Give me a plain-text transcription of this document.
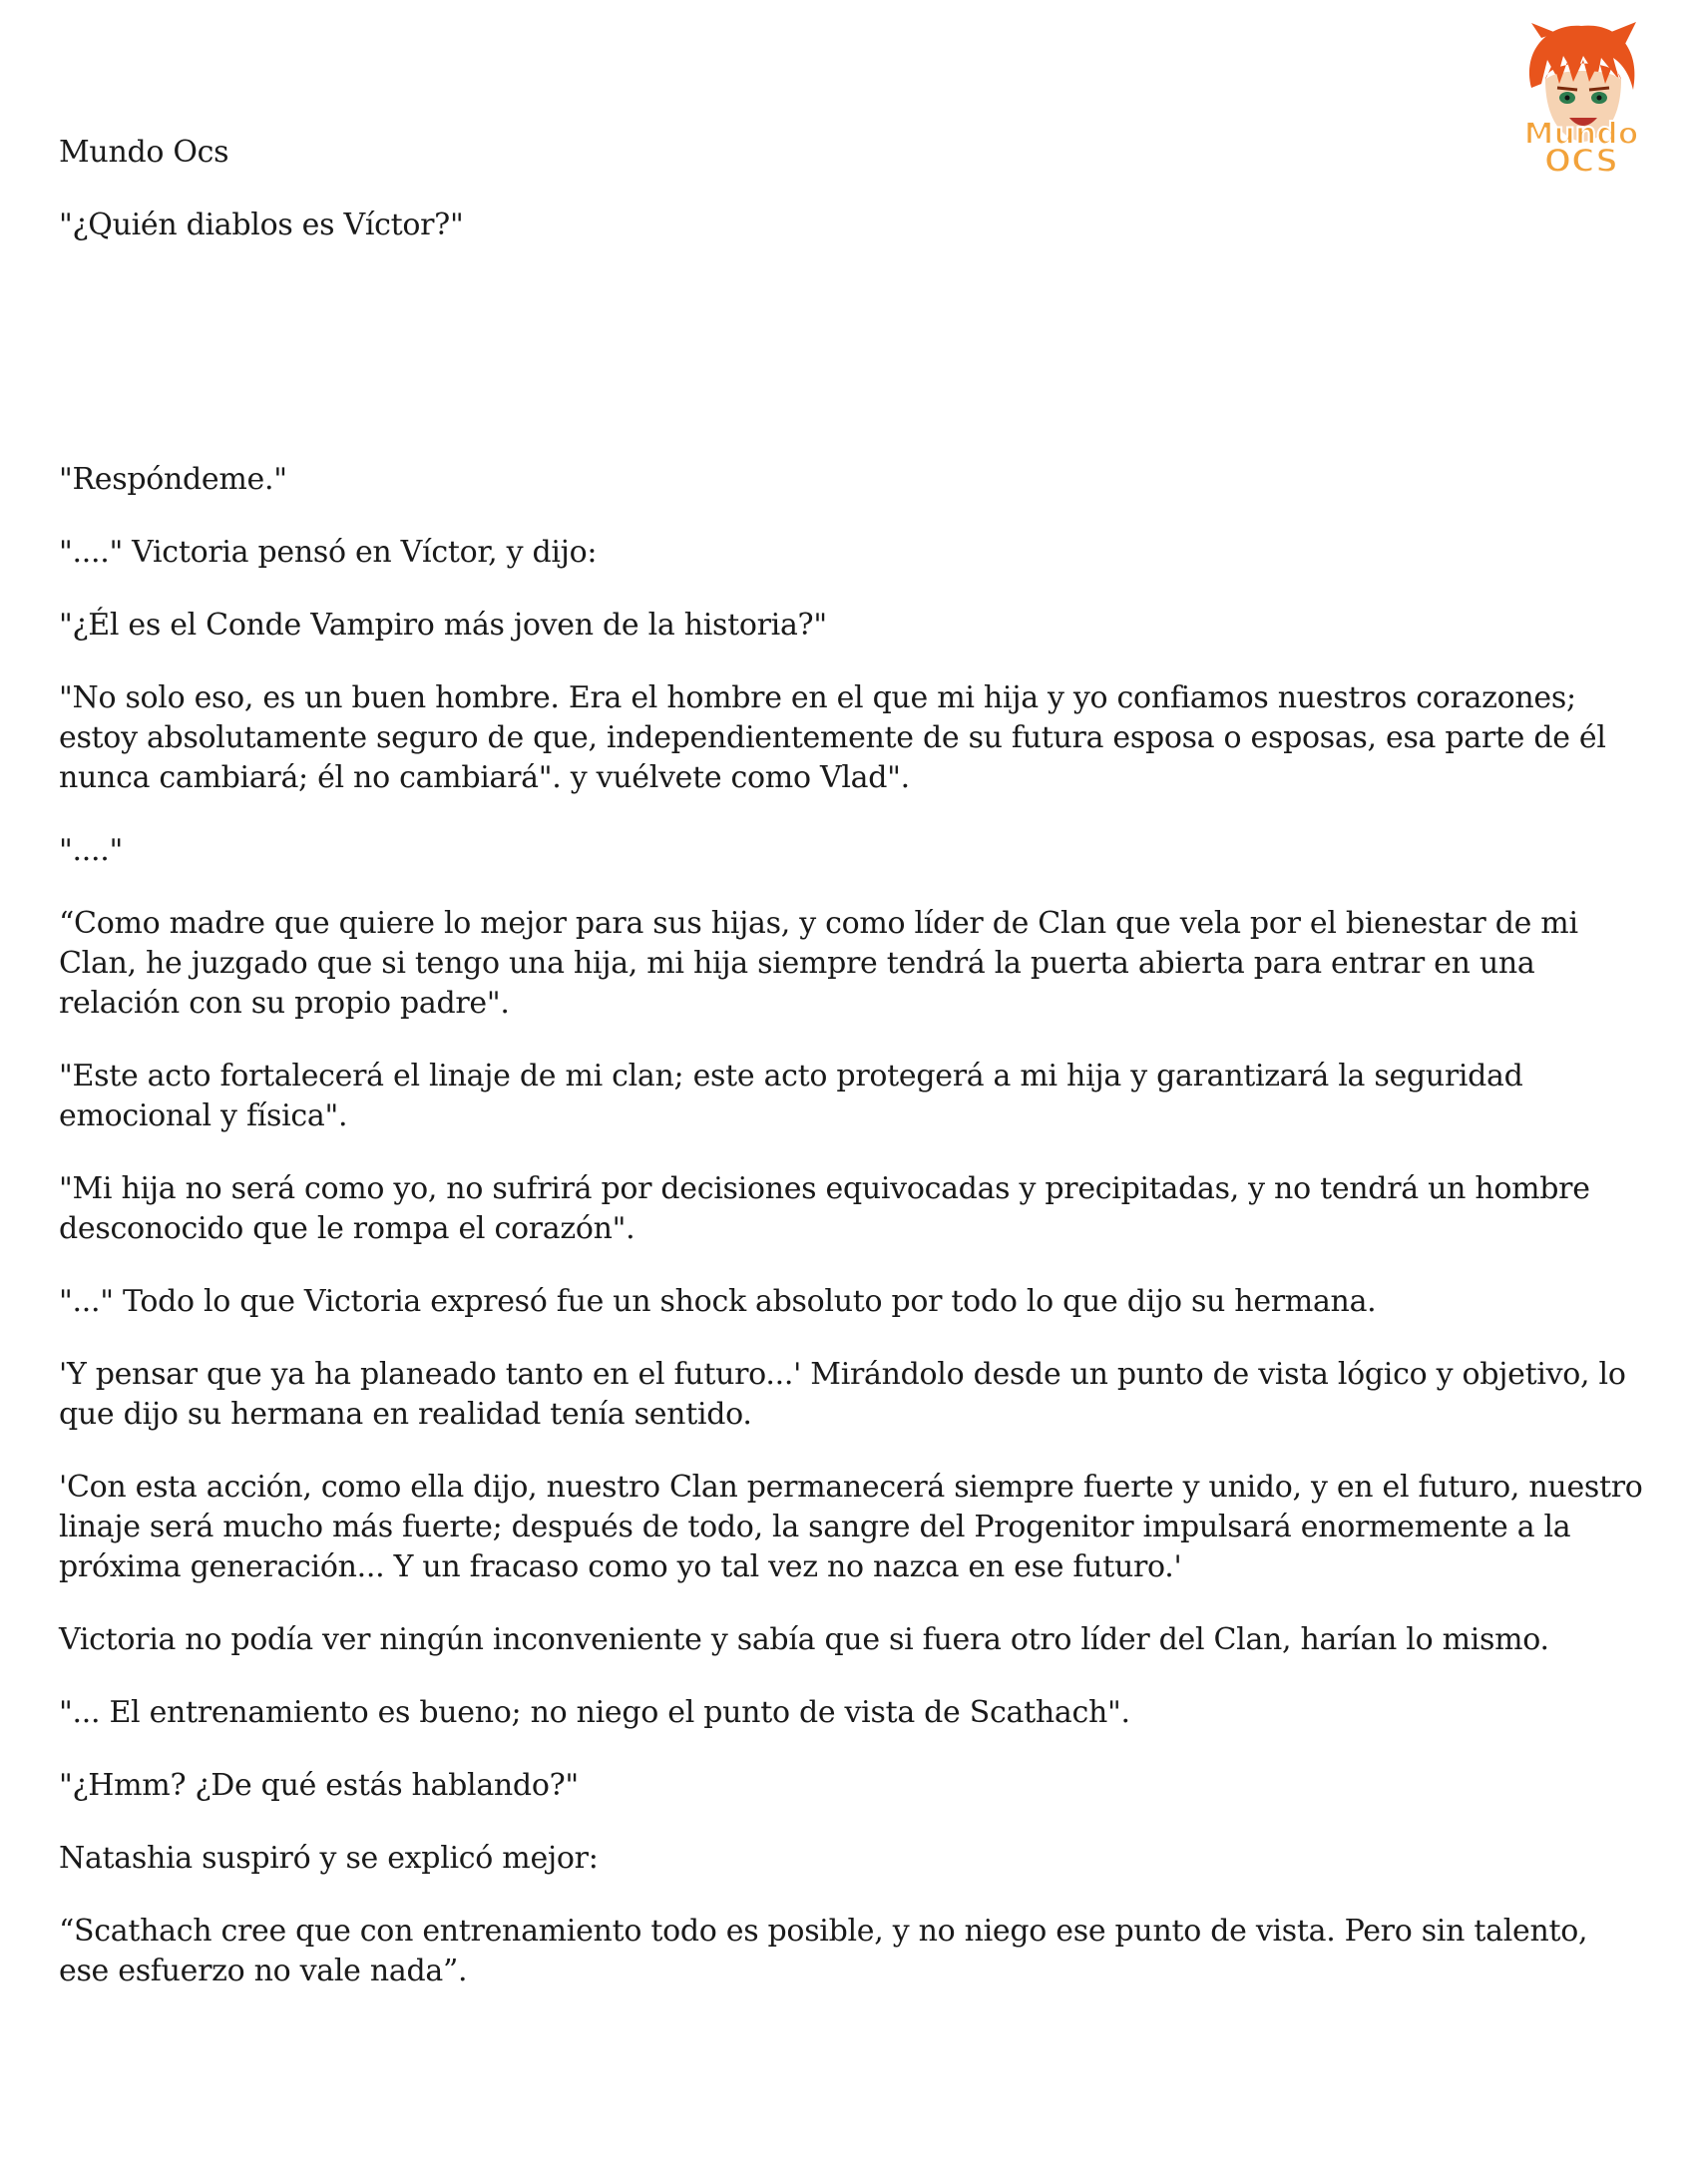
Mundo
OCS

Mundo Ocs

"¿Quién diablos es Víctor?"

"Respóndeme."

"...." Victoria pensó en Víctor, y dijo:

"¿Él es el Conde Vampiro más joven de la historia?"

"No solo eso, es un buen hombre. Era el hombre en el que mi hija y yo confiamos nuestros corazones; estoy absolutamente seguro de que, independientemente de su futura esposa o esposas, esa parte de él nunca cambiará; él no cambiará". y vuélvete como Vlad".

"...."

“Como madre que quiere lo mejor para sus hijas, y como líder de Clan que vela por el bienestar de mi Clan, he juzgado que si tengo una hija, mi hija siempre tendrá la puerta abierta para entrar en una relación con su propio padre".

"Este acto fortalecerá el linaje de mi clan; este acto protegerá a mi hija y garantizará la seguridad emocional y física".

"Mi hija no será como yo, no sufrirá por decisiones equivocadas y precipitadas, y no tendrá un hombre desconocido que le rompa el corazón".

"..." Todo lo que Victoria expresó fue un shock absoluto por todo lo que dijo su hermana.

'Y pensar que ya ha planeado tanto en el futuro...' Mirándolo desde un punto de vista lógico y objetivo, lo que dijo su hermana en realidad tenía sentido.

'Con esta acción, como ella dijo, nuestro Clan permanecerá siempre fuerte y unido, y en el futuro, nuestro linaje será mucho más fuerte; después de todo, la sangre del Progenitor impulsará enormemente a la próxima generación... Y un fracaso como yo tal vez no nazca en ese futuro.'

Victoria no podía ver ningún inconveniente y sabía que si fuera otro líder del Clan, harían lo mismo.

"... El entrenamiento es bueno; no niego el punto de vista de Scathach".

"¿Hmm? ¿De qué estás hablando?"

Natashia suspiró y se explicó mejor:

“Scathach cree que con entrenamiento todo es posible, y no niego ese punto de vista. Pero sin talento, ese esfuerzo no vale nada”.
